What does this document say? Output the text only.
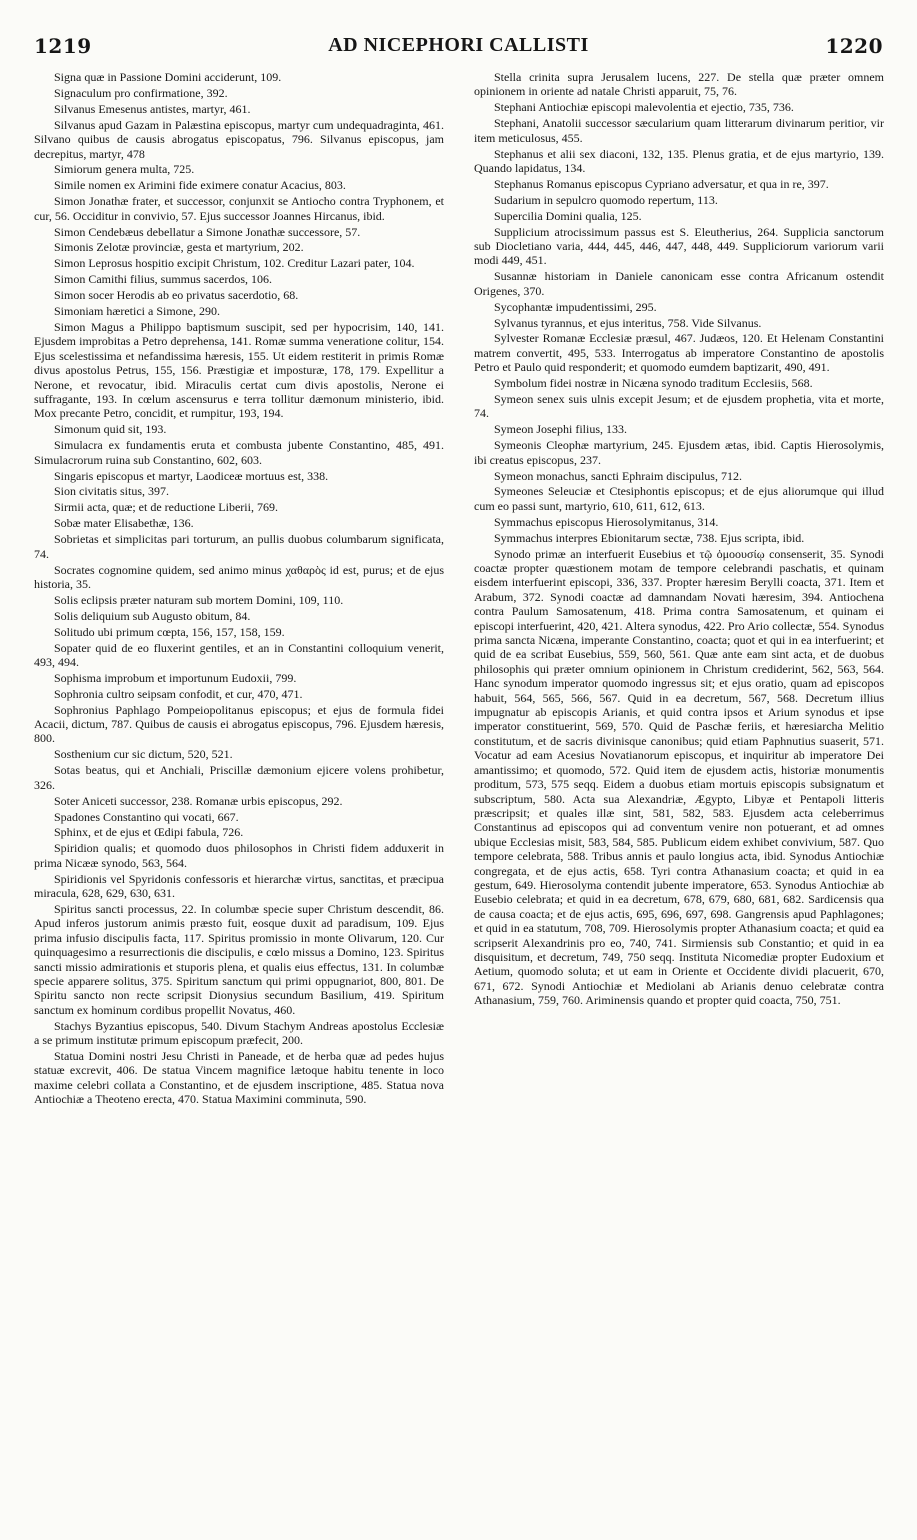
1219	AD NICEPHORI CALLISTI	1220

Signa quæ in Passione Domini acciderunt, 109.

Signaculum pro confirmatione, 392.

Silvanus Emesenus antistes, martyr, 461.

Silvanus apud Gazam in Palæstina episcopus, martyr cum undequadraginta, 461. Silvano quibus de causis abrogatus episcopatus, 796. Silvanus episcopus, jam decrepitus, martyr, 478

Simiorum genera multa, 725.

Simile nomen ex Arimini fide eximere conatur Acacius, 803.

Simon Jonathæ frater, et successor, conjunxit se Antiocho contra Tryphonem, et cur, 56. Occiditur in convivio, 57. Ejus successor Joannes Hircanus, ibid.

Simon Cendebæus debellatur a Simone Jonathæ successore, 57.

Simonis Zelotæ provinciæ, gesta et martyrium, 202.

Simon Leprosus hospitio excipit Christum, 102. Creditur Lazari pater, 104.

Simon Camithi filius, summus sacerdos, 106.

Simon socer Herodis ab eo privatus sacerdotio, 68.

Simoniam hæretici a Simone, 290.

Simon Magus a Philippo baptismum suscipit, sed per hypocrisim, 140, 141. Ejusdem improbitas a Petro deprehensa, 141. Romæ summa veneratione colitur, 154. Ejus scelestissima et nefandissima hæresis, 155. Ut eidem restiterit in primis Romæ divus apostolus Petrus, 155, 156. Præstigiæ et imposturæ, 178, 179. Expellitur a Nerone, et revocatur, ibid. Miraculis certat cum divis apostolis, Nerone ei suffragante, 193. In cœlum ascensurus e terra tollitur dæmonum ministerio, ibid. Mox precante Petro, concidit, et rumpitur, 193, 194.

Simonum quid sit, 193.

Simulacra ex fundamentis eruta et combusta jubente Constantino, 485, 491. Simulacrorum ruina sub Constantino, 602, 603.

Singaris episcopus et martyr, Laodiceæ mortuus est, 338.

Sion civitatis situs, 397.

Sirmii acta, quæ; et de reductione Liberii, 769.

Sobæ mater Elisabethæ, 136.

Sobrietas et simplicitas pari torturum, an pullis duobus columbarum significata, 74.

Socrates cognomine quidem, sed animo minus χαθαρὸς id est, purus; et de ejus historia, 35.

Solis eclipsis præter naturam sub mortem Domini, 109, 110.

Solis deliquium sub Augusto obitum, 84.

Solitudo ubi primum cœpta, 156, 157, 158, 159.

Sopater quid de eo fluxerint gentiles, et an in Constantini colloquium venerit, 493, 494.

Sophisma improbum et importunum Eudoxii, 799.

Sophronia cultro seipsam confodit, et cur, 470, 471.

Sophronius Paphlago Pompeiopolitanus episcopus; et ejus de formula fidei Acacii, dictum, 787. Quibus de causis ei abrogatus episcopus, 796. Ejusdem hæresis, 800.

Sosthenium cur sic dictum, 520, 521.

Sotas beatus, qui et Anchiali, Priscillæ dæmonium ejicere volens prohibetur, 326.

Soter Aniceti successor, 238. Romanæ urbis episcopus, 292.

Spadones Constantino qui vocati, 667.

Sphinx, et de ejus et Œdipi fabula, 726.

Spiridion qualis; et quomodo duos philosophos in Christi fidem adduxerit in prima Nicææ synodo, 563, 564.

Spiridionis vel Spyridonis confessoris et hierarchæ virtus, sanctitas, et præcipua miracula, 628, 629, 630, 631.

Spiritus sancti processus, 22. In columbæ specie super Christum descendit, 86. Apud inferos justorum animis præsto fuit, eosque duxit ad paradisum, 109. Ejus prima infusio discipulis facta, 117. Spiritus promissio in monte Olivarum, 120. Cur quinquagesimo a resurrectionis die discipulis, e cœlo missus a Domino, 123. Spiritus sancti missio admirationis et stuporis plena, et qualis eius effectus, 131. In columbæ specie apparere solitus, 375. Spiritum sanctum qui primi oppugnariot, 800, 801. De Spiritu sancto non recte scripsit Dionysius secundum Basilium, 419. Spiritum sanctum ex hominum cordibus propellit Novatus, 460.

Stachys Byzantius episcopus, 540. Divum Stachym Andreas apostolus Ecclesiæ a se primum institutæ primum episcopum præfecit, 200.

Statua Domini nostri Jesu Christi in Paneade, et de herba quæ ad pedes hujus statuæ excrevit, 406. De statua Vincem magnifice lætoque habitu tenente in loco maxime celebri collata a Constantino, et de ejusdem inscriptione, 485. Statua nova Antiochiæ a Theoteno erecta, 470. Statua Maximini comminuta, 590.

Stella crinita supra Jerusalem lucens, 227. De stella quæ præter omnem opinionem in oriente ad natale Christi apparuit, 75, 76.

Stephani Antiochiæ episcopi malevolentia et ejectio, 735, 736.

Stephani, Anatolii successor sæcularium quam litterarum divinarum peritior, vir item meticulosus, 455.

Stephanus et alii sex diaconi, 132, 135. Plenus gratia, et de ejus martyrio, 139. Quando lapidatus, 134.

Stephanus Romanus episcopus Cypriano adversatur, et qua in re, 397.

Sudarium in sepulcro quomodo repertum, 113.

Supercilia Domini qualia, 125.

Supplicium atrocissimum passus est S. Eleutherius, 264. Supplicia sanctorum sub Diocletiano varia, 444, 445, 446, 447, 448, 449. Suppliciorum variorum varii modi 449, 451.

Susannæ historiam in Daniele canonicam esse contra Africanum ostendit Origenes, 370.

Sycophantæ impudentissimi, 295.

Sylvanus tyrannus, et ejus interitus, 758. Vide Silvanus.

Sylvester Romanæ Ecclesiæ præsul, 467. Judæos, 120. Et Helenam Constantini matrem convertit, 495, 533. Interrogatus ab imperatore Constantino de apostolis Petro et Paulo quid responderit; et quomodo eumdem baptizarit, 490, 491.

Symbolum fidei nostræ in Nicæna synodo traditum Ecclesiis, 568.

Symeon senex suis ulnis excepit Jesum; et de ejusdem prophetia, vita et morte, 74.

Symeon Josephi filius, 133.

Symeonis Cleophæ martyrium, 245. Ejusdem ætas, ibid. Captis Hierosolymis, ibi creatus episcopus, 237.

Symeon monachus, sancti Ephraim discipulus, 712.

Symeones Seleuciæ et Ctesiphontis episcopus; et de ejus aliorumque qui illud cum eo passi sunt, martyrio, 610, 611, 612, 613.

Symmachus episcopus Hierosolymitanus, 314.

Symmachus interpres Ebionitarum sectæ, 738. Ejus scripta, ibid.

Synodo primæ an interfuerit Eusebius et τῷ ὁμοουσίῳ consenserit, 35. Synodi coactæ propter quæstionem motam de tempore celebrandi paschatis, et quinam eisdem interfuerint episcopi, 336, 337. Propter hæresim Berylli coacta, 371. Item et Arabum, 372. Synodi coactæ ad damnandam Novati hæresim, 394. Antiochena contra Paulum Samosatenum, 418. Prima contra Samosatenum, et quinam ei episcopi interfuerint, 420, 421. Altera synodus, 422. Pro Ario collectæ, 554. Synodus prima sancta Nicæna, imperante Constantino, coacta; quot et qui in ea interfuerint; et quid de ea scribat Eusebius, 559, 560, 561. Quæ ante eam sint acta, et de duobus philosophis qui præter omnium opinionem in Christum crediderint, 562, 563, 564. Hanc synodum imperator quomodo ingressus sit; et ejus oratio, quam ad episcopos habuit, 564, 565, 566, 567. Quid in ea decretum, 567, 568. Decretum illius impugnatur ab episcopis Arianis, et quid contra ipsos et Arium synodus et ipse imperator constituerint, 569, 570. Quid de Paschæ feriis, et hæresiarcha Melitio constitutum, et de sacris divinisque canonibus; quid etiam Paphnutius suaserit, 571. Vocatur ad eam Acesius Novatianorum episcopus, et inquiritur ab imperatore Dei amantissimo; et quomodo, 572. Quid item de ejusdem actis, historiæ monumentis proditum, 573, 575 seqq. Eidem a duobus etiam mortuis episcopis subsignatum et subscriptum, 580. Acta sua Alexandriæ, Ægypto, Libyæ et Pentapoli litteris præscripsit; et quales illæ sint, 581, 582, 583. Ejusdem acta celeberrimus Constantinus ad episcopos qui ad conventum venire non potuerant, et ad omnes ubique Ecclesias misit, 583, 584, 585. Publicum eidem exhibet convivium, 587. Quo tempore celebrata, 588. Tribus annis et paulo longius acta, ibid. Synodus Antiochiæ congregata, et de ejus actis, 658. Tyri contra Athanasium coacta; et quid in ea gestum, 649. Hierosolyma contendit jubente imperatore, 653. Synodus Antiochiæ ab Eusebio celebrata; et quid in ea decretum, 678, 679, 680, 681, 682. Sardicensis qua de causa coacta; et de ejus actis, 695, 696, 697, 698. Gangrensis apud Paphlagones; et quid in ea statutum, 708, 709. Hierosolymis propter Athanasium coacta; et quid ea scripserit Alexandrinis pro eo, 740, 741. Sirmiensis sub Constantio; et quid in ea disquisitum, et decretum, 749, 750 seqq. Instituta Nicomediæ propter Eudoxium et Aetium, quomodo soluta; et ut eam in Oriente et Occidente dividi placuerit, 670, 671, 672. Synodi Antiochiæ et Mediolani ab Arianis denuo celebratæ contra Athanasium, 759, 760. Ariminensis quando et propter quid coacta, 750, 751.
